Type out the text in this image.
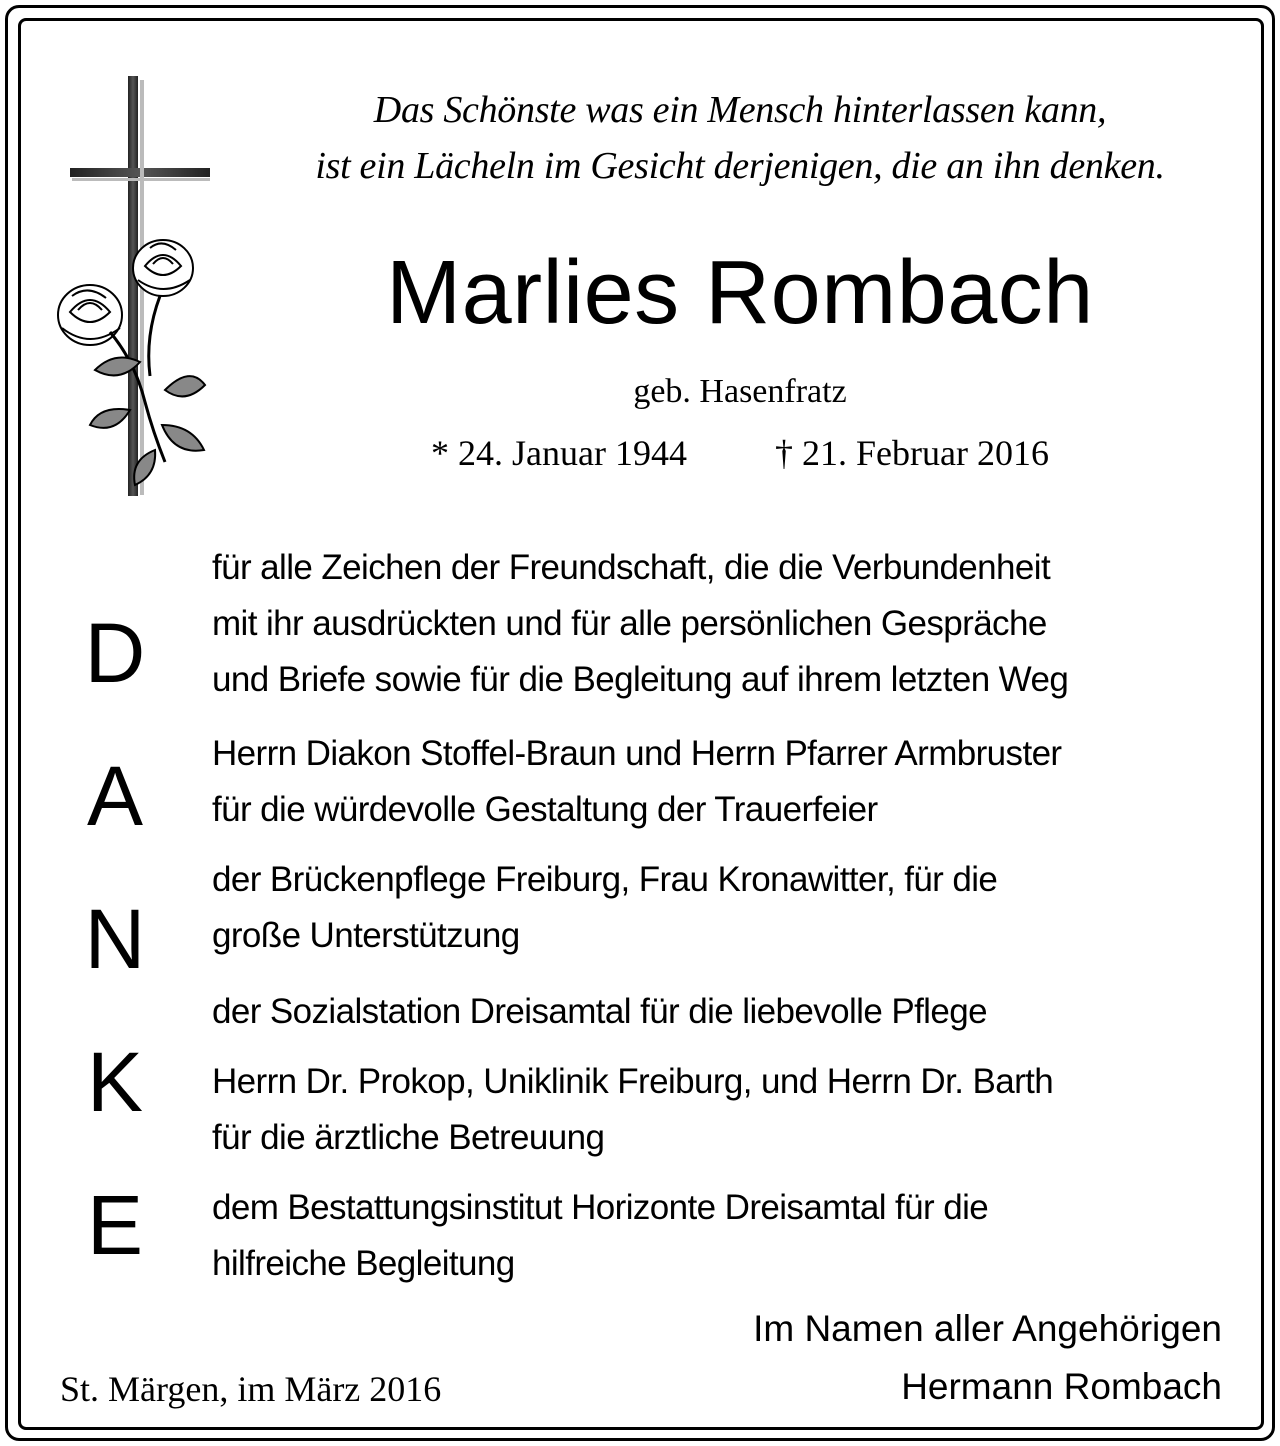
Das Schönste was ein Mensch hinterlassen kann,
ist ein Lächeln im Gesicht derjenigen, die an ihn denken.
Marlies Rombach
geb. Hasenfratz
* 24. Januar 1944 † 21. Februar 2016
D
A
N
K
E
für alle Zeichen der Freundschaft, die die Verbundenheit
mit ihr ausdrückten und für alle persönlichen Gespräche
und Briefe sowie für die Begleitung auf ihrem letzten Weg
Herrn Diakon Stoffel-Braun und Herrn Pfarrer Armbruster
für die würdevolle Gestaltung der Trauerfeier
der Brückenpflege Freiburg, Frau Kronawitter, für die
große Unterstützung
der Sozialstation Dreisamtal für die liebevolle Pflege
Herrn Dr. Prokop, Uniklinik Freiburg, und Herrn Dr. Barth
für die ärztliche Betreuung
dem Bestattungsinstitut Horizonte Dreisamtal für die
hilfreiche Begleitung
Im Namen aller Angehörigen
Hermann Rombach
St. Märgen, im März 2016
